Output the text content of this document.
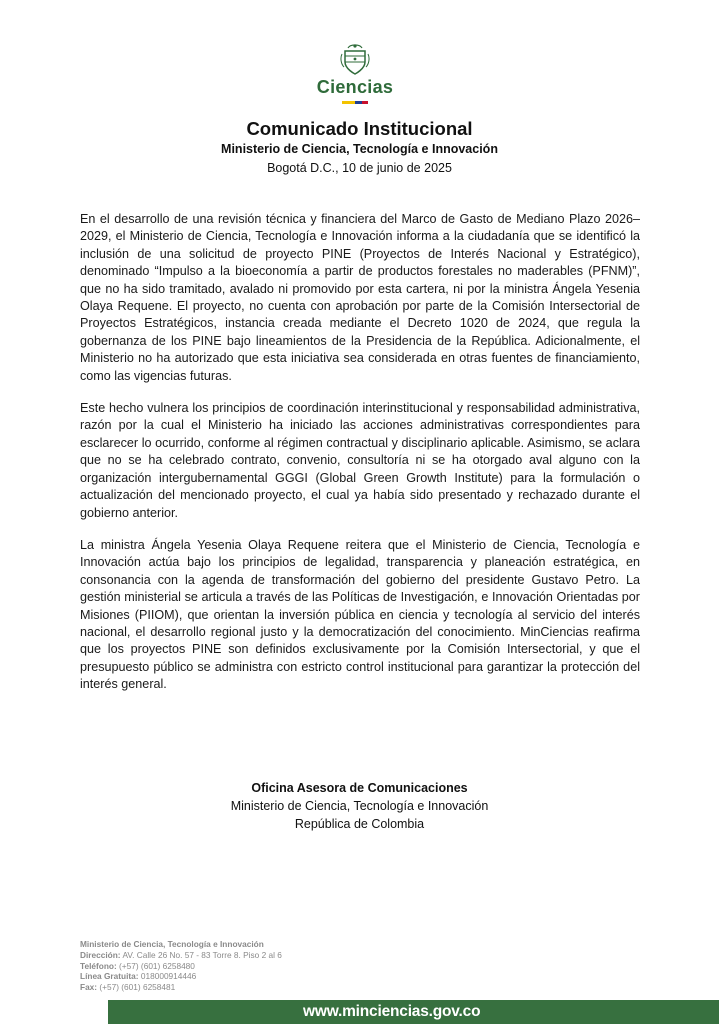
Ciencias
Comunicado Institucional
Ministerio de Ciencia, Tecnología e Innovación
Bogotá D.C., 10 de junio de 2025

En el desarrollo de una revisión técnica y financiera del Marco de Gasto de Mediano Plazo 2026–2029, el Ministerio de Ciencia, Tecnología e Innovación informa a la ciudadanía que se identificó la inclusión de una solicitud de proyecto PINE (Proyectos de Interés Nacional y Estratégico), denominado “Impulso a la bioeconomía a partir de productos forestales no maderables (PFNM)”, que no ha sido tramitado, avalado ni promovido por esta cartera, ni por la ministra Ángela Yesenia Olaya Requene. El proyecto, no cuenta con aprobación por parte de la Comisión Intersectorial de Proyectos Estratégicos, instancia creada mediante el Decreto 1020 de 2024, que regula la gobernanza de los PINE bajo lineamientos de la Presidencia de la República. Adicionalmente, el Ministerio no ha autorizado que esta iniciativa sea considerada en otras fuentes de financiamiento, como las vigencias futuras.

Este hecho vulnera los principios de coordinación interinstitucional y responsabilidad administrativa, razón por la cual el Ministerio ha iniciado las acciones administrativas correspondientes para esclarecer lo ocurrido, conforme al régimen contractual y disciplinario aplicable. Asimismo, se aclara que no se ha celebrado contrato, convenio, consultoría ni se ha otorgado aval alguno con la organización intergubernamental GGGI (Global Green Growth Institute) para la formulación o actualización del mencionado proyecto, el cual ya había sido presentado y rechazado durante el gobierno anterior.

La ministra Ángela Yesenia Olaya Requene reitera que el Ministerio de Ciencia, Tecnología e Innovación actúa bajo los principios de legalidad, transparencia y planeación estratégica, en consonancia con la agenda de transformación del gobierno del presidente Gustavo Petro. La gestión ministerial se articula a través de las Políticas de Investigación, e Innovación Orientadas por Misiones (PIIOM), que orientan la inversión pública en ciencia y tecnología al servicio del interés nacional, el desarrollo regional justo y la democratización del conocimiento. MinCiencias reafirma que los proyectos PINE son definidos exclusivamente por la Comisión Intersectorial, y que el presupuesto público se administra con estricto control institucional para garantizar la protección del interés general.

Oficina Asesora de Comunicaciones
Ministerio de Ciencia, Tecnología e Innovación
República de Colombia
Ministerio de Ciencia, Tecnología e Innovación
Dirección: AV. Calle 26 No. 57 - 83 Torre 8. Piso 2 al 6
Teléfono: (+57) (601) 6258480
Línea Gratuita: 018000914446
Fax: (+57) (601) 6258481
www.minciencias.gov.co
